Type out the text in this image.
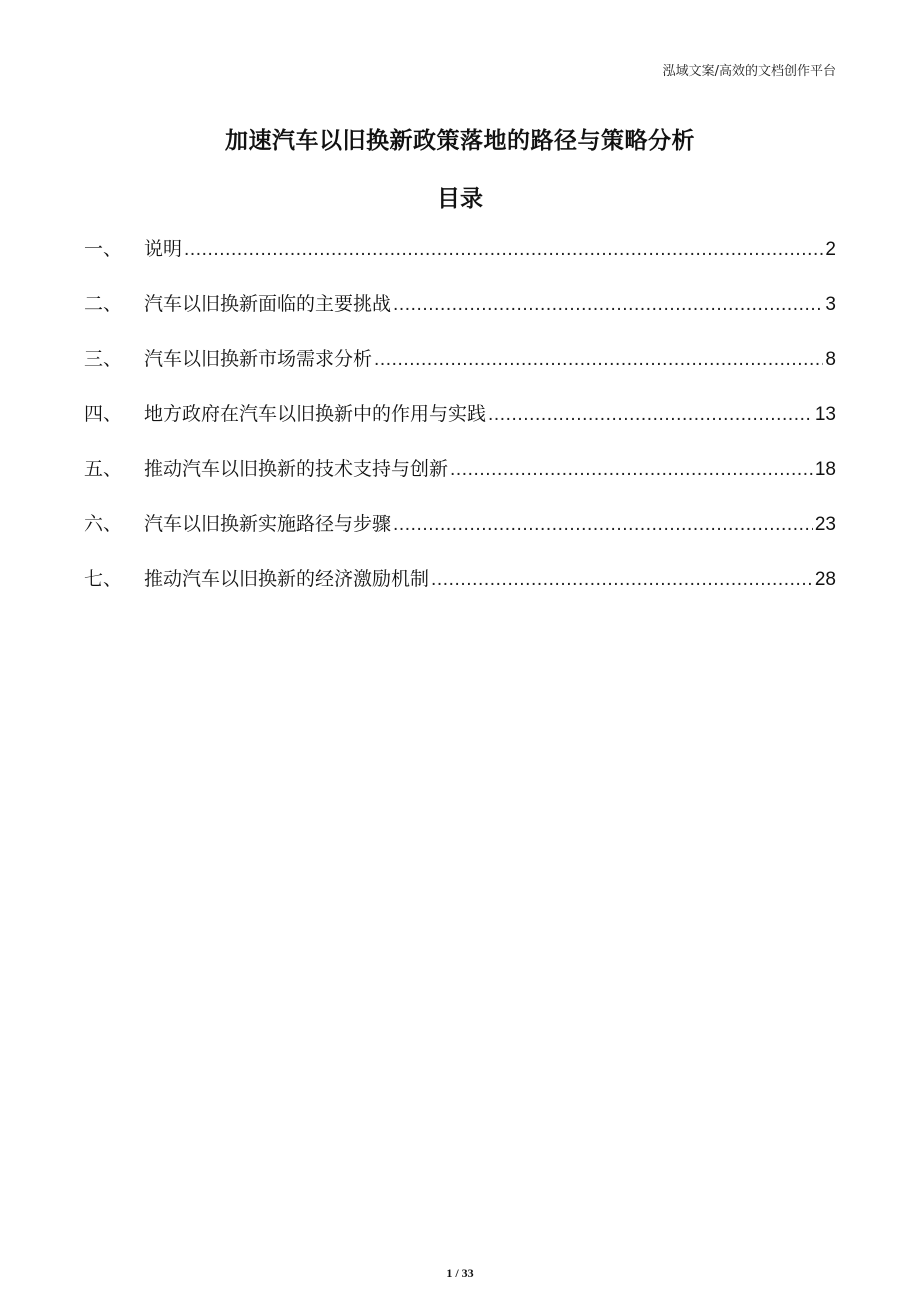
泓域文案/高效的文档创作平台
加速汽车以旧换新政策落地的路径与策略分析
目录
一、	说明 .....	2
二、	汽车以旧换新面临的主要挑战 .....	3
三、	汽车以旧换新市场需求分析 .....	8
四、	地方政府在汽车以旧换新中的作用与实践 .....	13
五、	推动汽车以旧换新的技术支持与创新 .....	18
六、	汽车以旧换新实施路径与步骤 .....	23
七、	推动汽车以旧换新的经济激励机制 .....	28
1 / 33
